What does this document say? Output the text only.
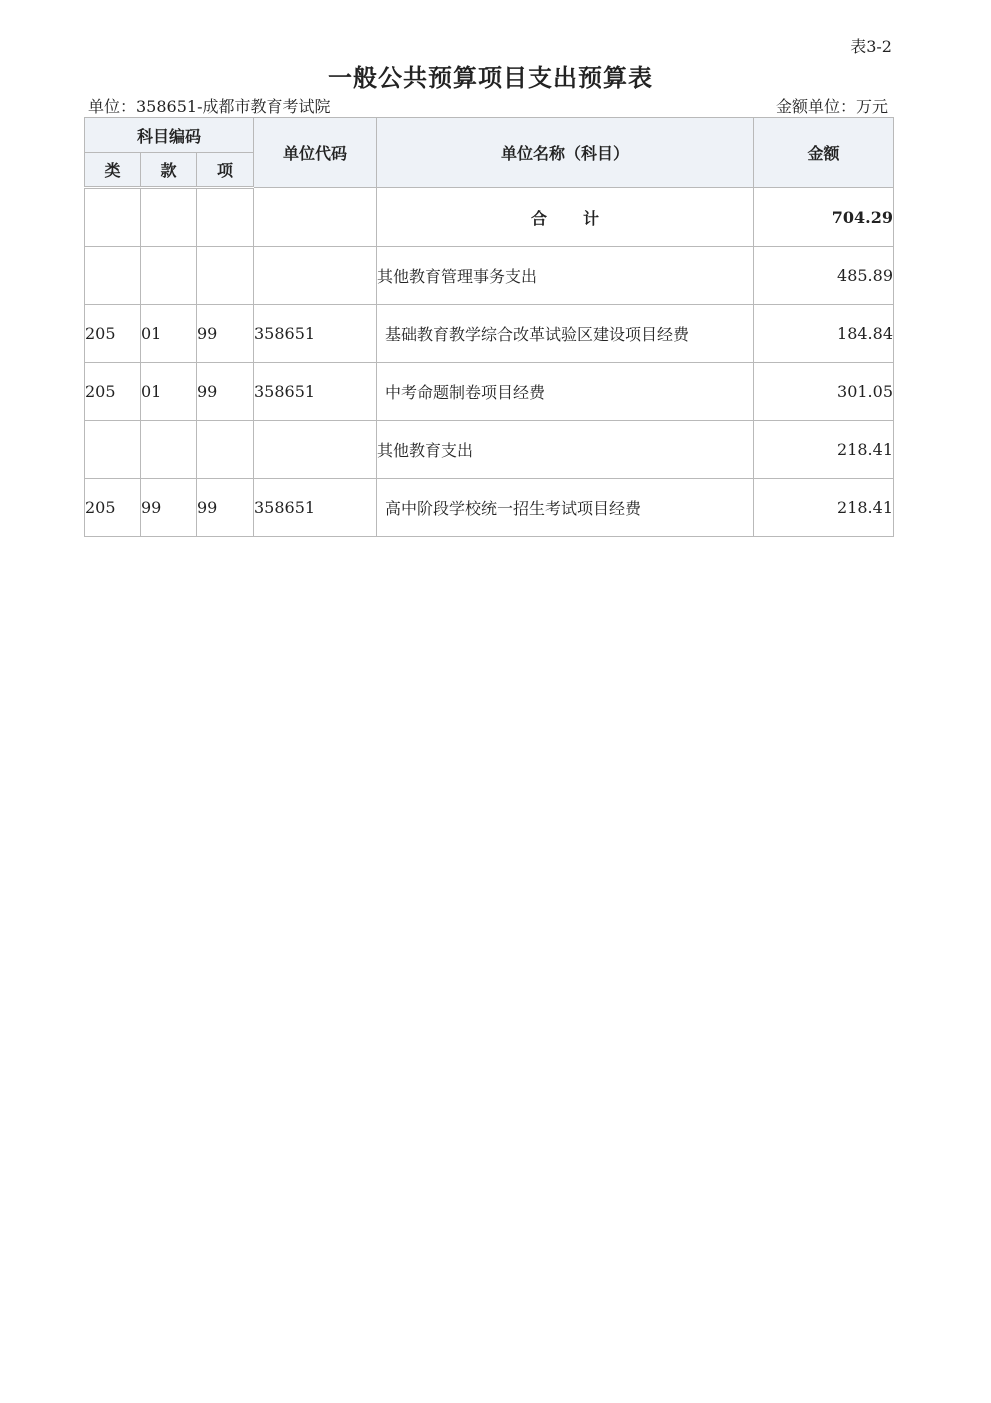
表3-2
一般公共预算项目支出预算表
单位：358651-成都市教育考试院	金额单位：万元
科目编码			单位代码	单位名称（科目）	金额
类	款	项			
				合计	704.29
				其他教育管理事务支出	485.89
205	01	99	358651	基础教育教学综合改革试验区建设项目经费	184.84
205	01	99	358651	中考命题制卷项目经费	301.05
				其他教育支出	218.41
205	99	99	358651	高中阶段学校统一招生考试项目经费	218.41
